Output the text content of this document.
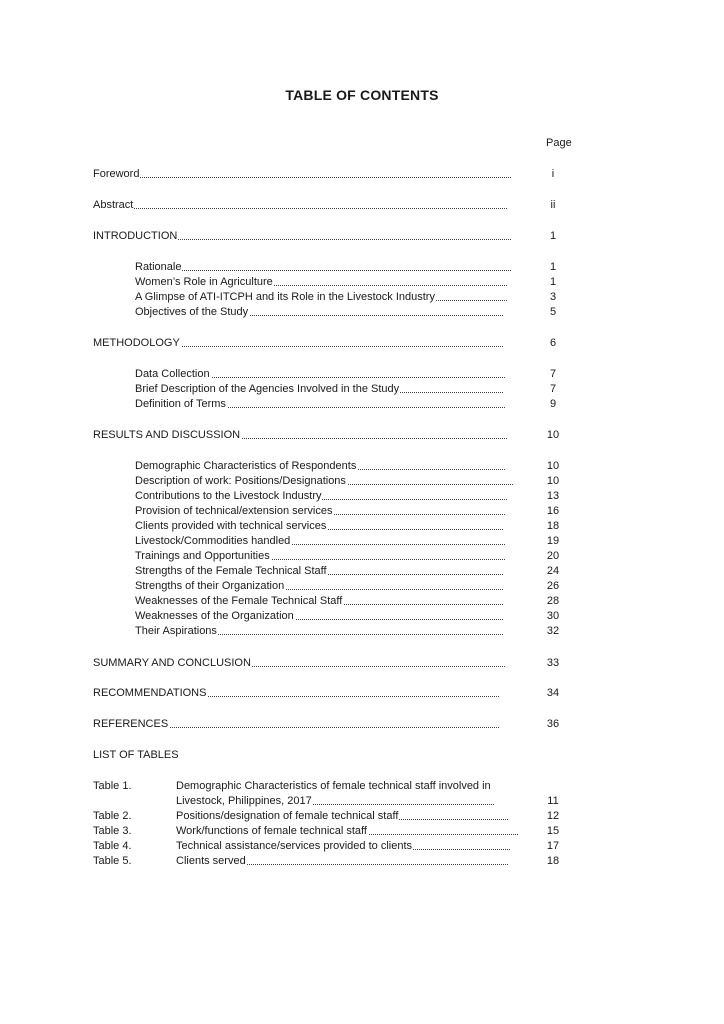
TABLE OF CONTENTS
Page
Foreword	i
Abstract	ii
INTRODUCTION	1
Rationale	1
Women’s Role in Agriculture	1
A Glimpse of ATI-ITCPH and its Role in the Livestock Industry	3
Objectives of the Study	5
METHODOLOGY	6
Data Collection	7
Brief Description of the Agencies Involved in the Study	7
Definition of Terms	9
RESULTS AND DISCUSSION	10
Demographic Characteristics of Respondents	10
Description of work: Positions/Designations	10
Contributions to the Livestock Industry	13
Provision of technical/extension services	16
Clients provided with technical services	18
Livestock/Commodities handled	19
Trainings and Opportunities	20
Strengths of the Female Technical Staff	24
Strengths of their Organization	26
Weaknesses of the Female Technical Staff	28
Weaknesses of the Organization	30
Their Aspirations	32
SUMMARY AND CONCLUSION	33
RECOMMENDATIONS	34
REFERENCES	36
LIST OF TABLES
Table 1.	Demographic Characteristics of female technical staff involved in
Livestock, Philippines, 2017	11
Table 2.	Positions/designation of female technical staff	12
Table 3.	Work/functions of female technical staff	15
Table 4.	Technical assistance/services provided to clients	17
Table 5.	Clients served	18
